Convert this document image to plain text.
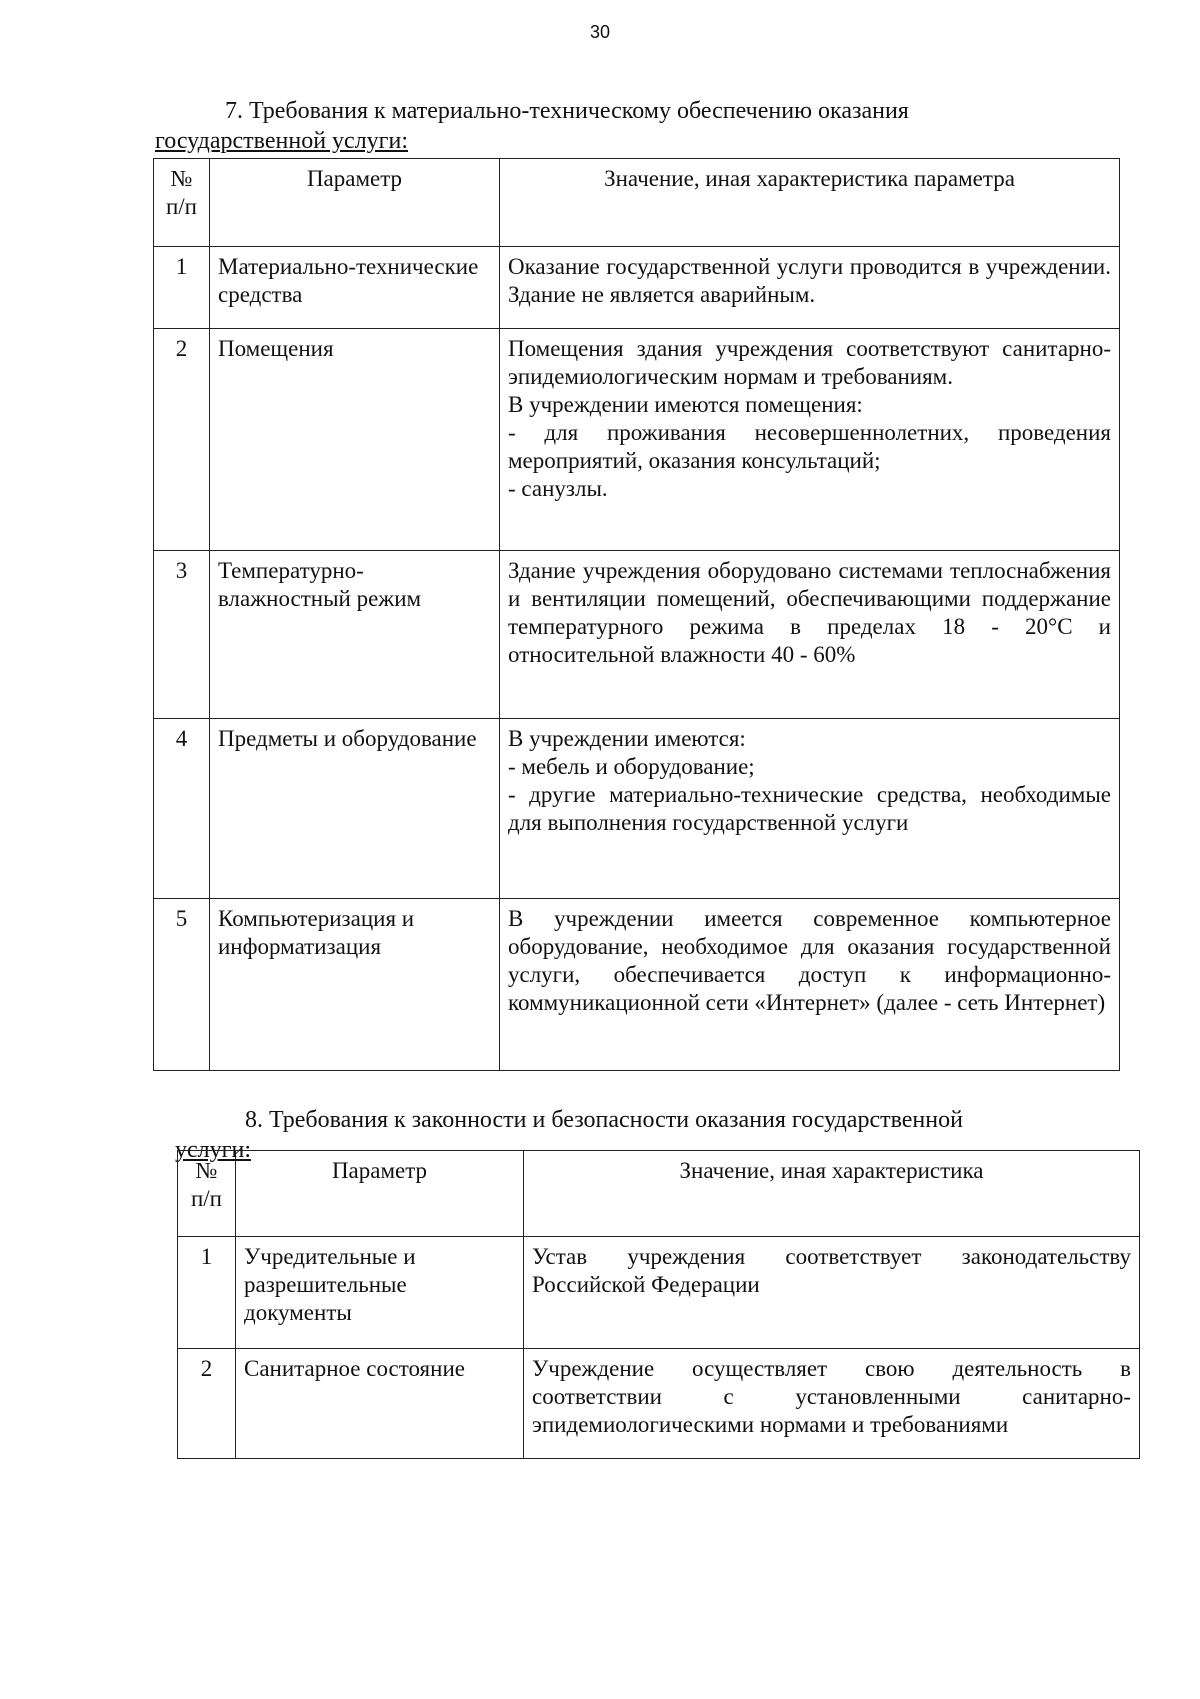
30
7. Требования к материально-техническому обеспечению оказания
государственной услуги:
№ п/п	Параметр	Значение, иная характеристика параметра
1	Материально-технические средства	Оказание государственной услуги проводится в учреждении. Здание не является аварийным.

2	Помещения	Помещения здания учреждения соответствуют санитарно-эпидемиологическим нормам и требованиям.
В учреждении имеются помещения:
- для проживания несовершеннолетних, проведения мероприятий, оказания консультаций;
- санузлы.

3	Температурно-влажностный режим	Здание учреждения оборудовано системами теплоснабжения и вентиляции помещений, обеспечивающими поддержание температурного режима в пределах 18 - 20°С и относительной влажности 40 - 60%

4	Предметы и оборудование	В учреждении имеются:
- мебель и оборудование;
- другие материально-технические средства, необходимые для выполнения государственной услуги

5	Компьютеризация и информатизация	В учреждении имеется современное компьютерное оборудование, необходимое для оказания государственной услуги, обеспечивается доступ к информационно-коммуникационной сети «Интернет» (далее - сеть Интернет)
8. Требования к законности и безопасности оказания государственной
услуги:
№ п/п	Параметр	Значение, иная характеристика
1	Учредительные и разрешительные документы	Устав учреждения соответствует законодательству Российской Федерации

2	Санитарное состояние	Учреждение осуществляет свою деятельность в соответствии с установленными санитарно-эпидемиологическими нормами и требованиями
